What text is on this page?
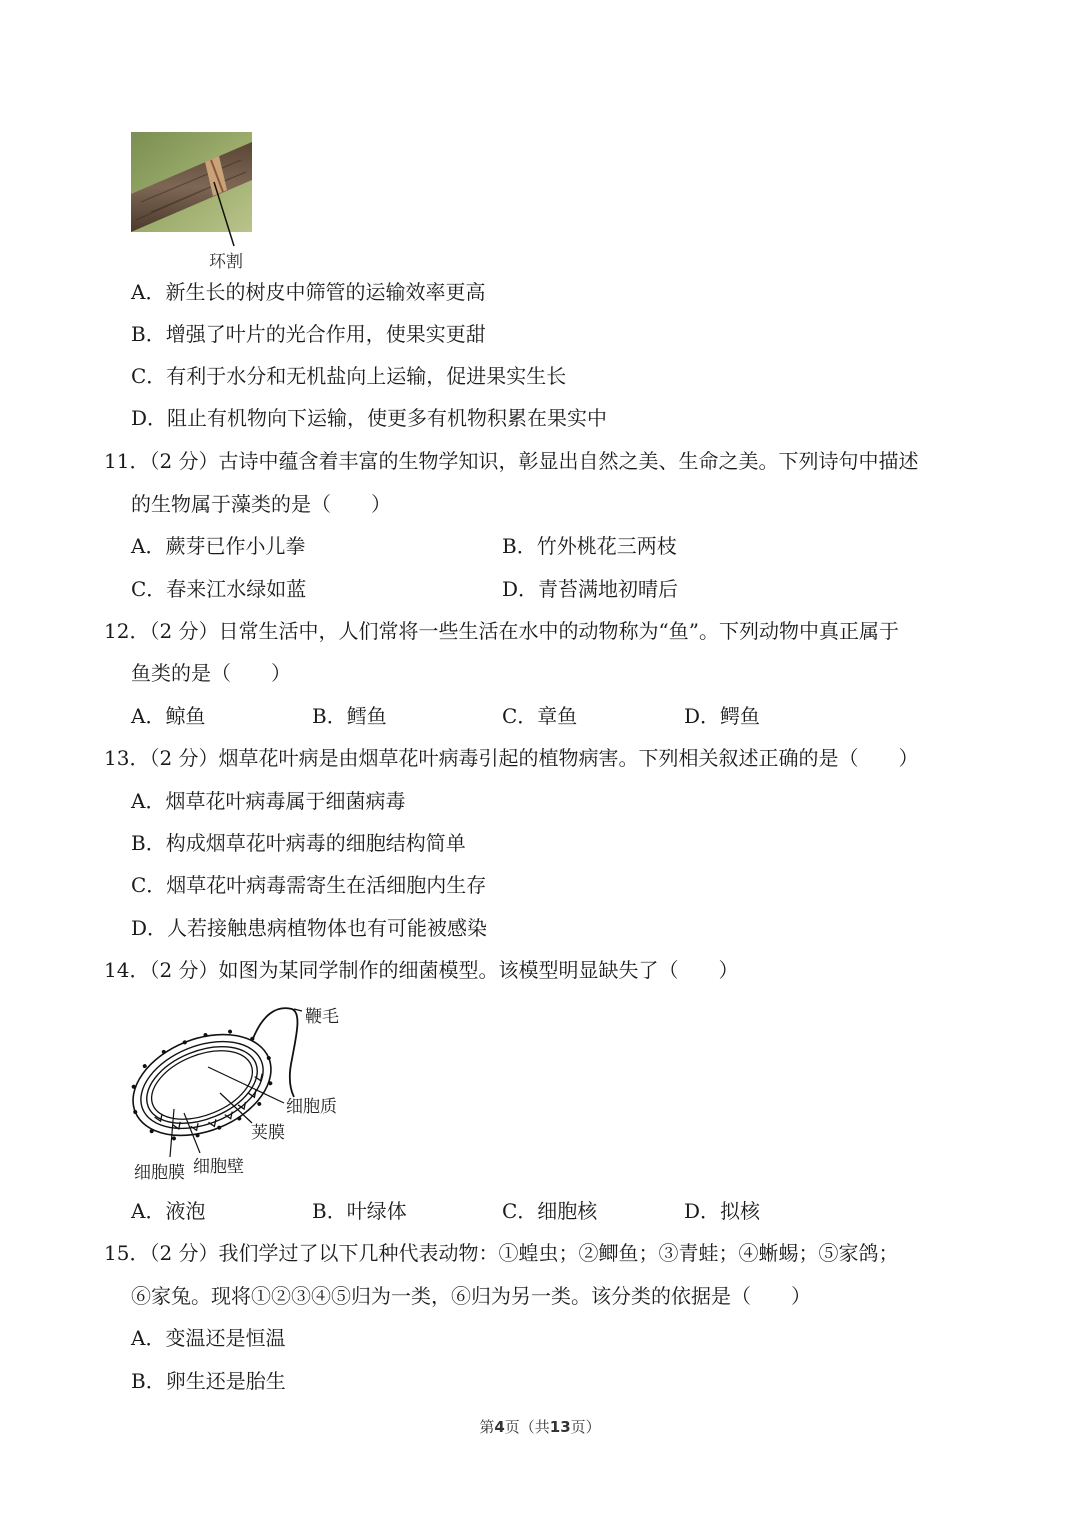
环割
A．新生长的树皮中筛管的运输效率更高
B．增强了叶片的光合作用，使果实更甜
C．有利于水分和无机盐向上运输，促进果实生长
D．阻止有机物向下运输，使更多有机物积累在果实中
11．（2 分）古诗中蕴含着丰富的生物学知识，彰显出自然之美、生命之美。下列诗句中描述
的生物属于藻类的是（　　）
A．蕨芽已作小儿拳	B．竹外桃花三两枝
C．春来江水绿如蓝	D．青苔满地初晴后
12．（2 分）日常生活中，人们常将一些生活在水中的动物称为“鱼”。下列动物中真正属于
鱼类的是（　　）
A．鲸鱼	B．鳕鱼	C．章鱼	D．鳄鱼
13．（2 分）烟草花叶病是由烟草花叶病毒引起的植物病害。下列相关叙述正确的是（　　）
A．烟草花叶病毒属于细菌病毒
B．构成烟草花叶病毒的细胞结构简单
C．烟草花叶病毒需寄生在活细胞内生存
D．人若接触患病植物体也有可能被感染
14．（2 分）如图为某同学制作的细菌模型。该模型明显缺失了（　　）
鞭毛
细胞质
荚膜
细胞膜 细胞壁
A．液泡	B．叶绿体	C．细胞核	D．拟核
15．（2 分）我们学过了以下几种代表动物：①蝗虫；②鲫鱼；③青蛙；④蜥蜴；⑤家鸽；
⑥家兔。现将①②③④⑤归为一类，⑥归为另一类。该分类的依据是（　　）
A．变温还是恒温
B．卵生还是胎生
第4页（共13页）
